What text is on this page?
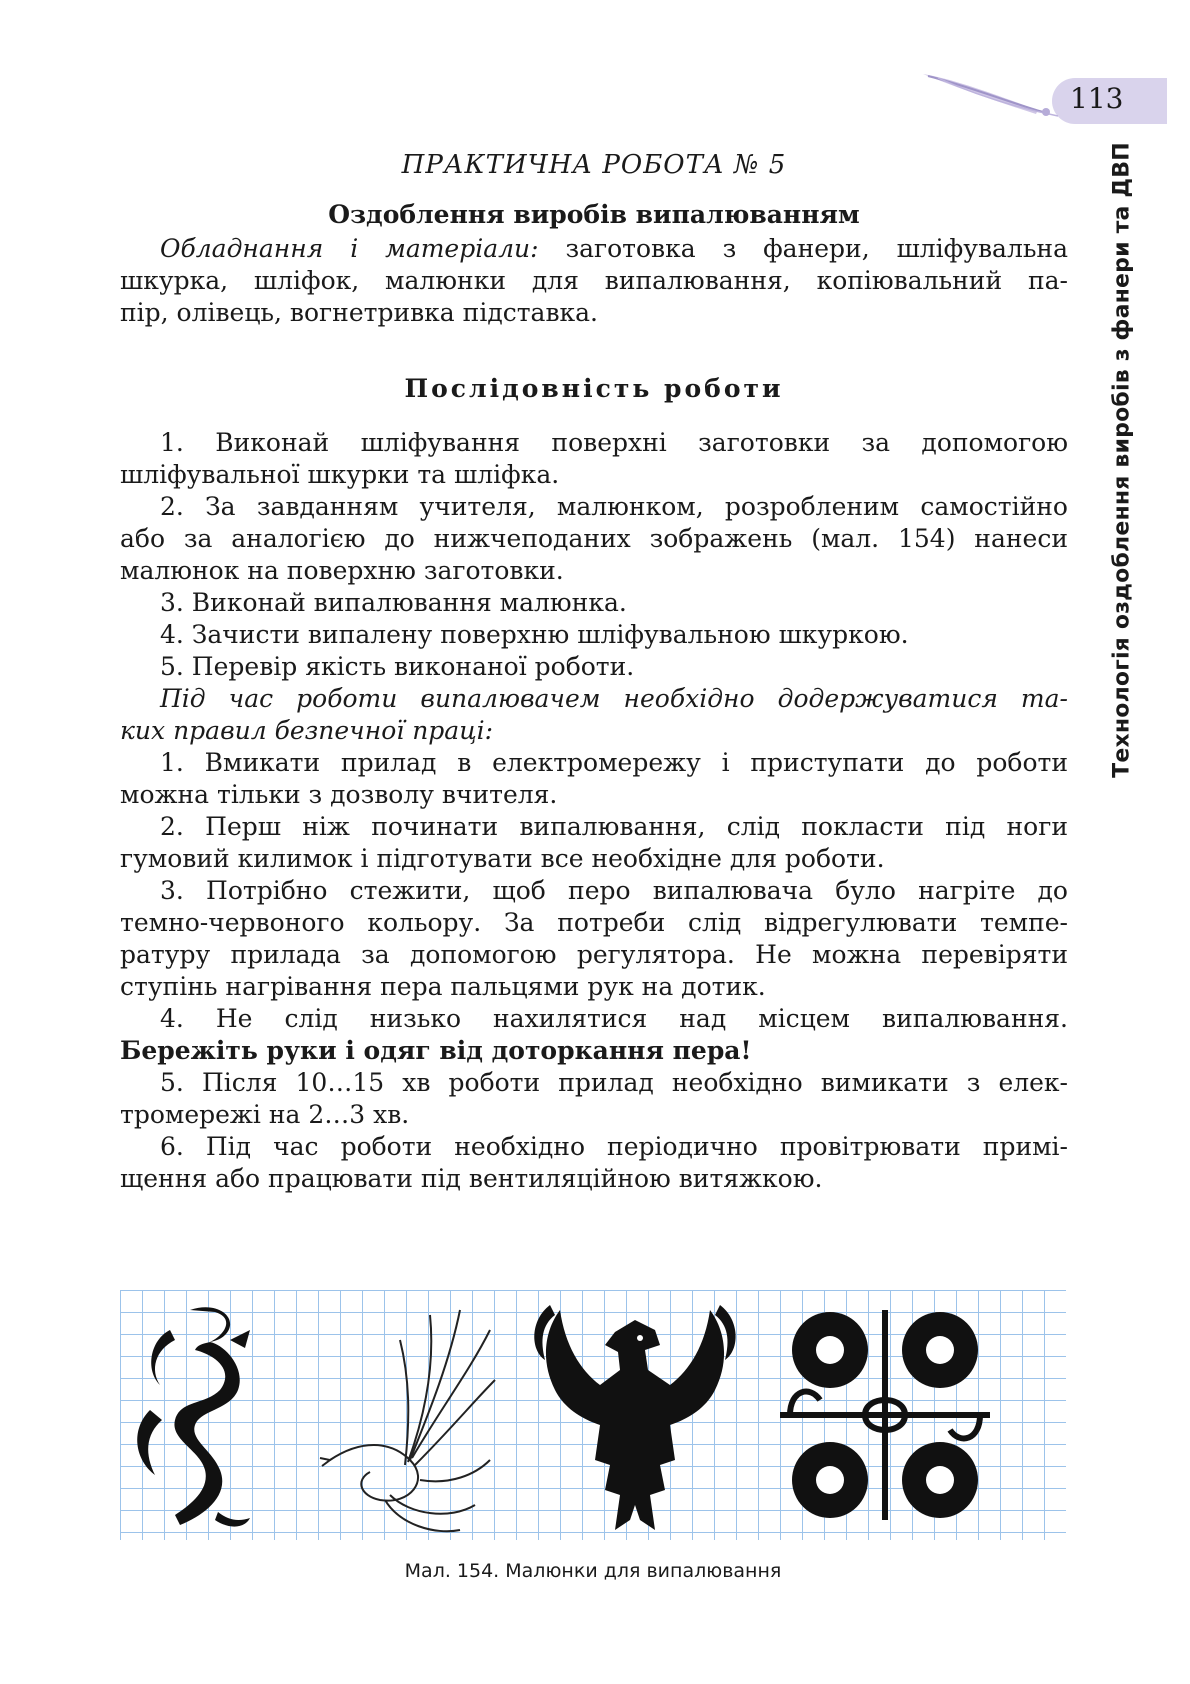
113
Технологія оздоблення виробів з фанери та ДВП
ПРАКТИЧНА РОБОТА № 5
Оздоблення виробів випалюванням
Обладнання і матеріали: заготовка з фанери, шліфувальна
шкурка, шліфок, малюнки для випалювання, копіювальний па-
пір, олівець, вогнетривка підставка.
Послідовність роботи
1. Виконай шліфування поверхні заготовки за допомогою
шліфувальної шкурки та шліфка.
2. За завданням учителя, малюнком, розробленим самостійно
або за аналогією до нижчеподаних зображень (мал. 154) нанеси
малюнок на поверхню заготовки.
3. Виконай випалювання малюнка.
4. Зачисти випалену поверхню шліфувальною шкуркою.
5. Перевір якість виконаної роботи.
Під час роботи випалювачем необхідно додержуватися та-
ких правил безпечної праці:
1. Вмикати прилад в електромережу і приступати до роботи
можна тільки з дозволу вчителя.
2. Перш ніж починати випалювання, слід покласти під ноги
гумовий килимок і підготувати все необхідне для роботи.
3. Потрібно стежити, щоб перо випалювача було нагріте до
темно-червоного кольору. За потреби слід відрегулювати темпе-
ратуру прилада за допомогою регулятора. Не можна перевіряти
ступінь нагрівання пера пальцями рук на дотик.
4. Не слід низько нахилятися над місцем випалювання.
Бережіть руки і одяг від доторкання пера!
5. Після 10…15 хв роботи прилад необхідно вимикати з елек-
тромережі на 2…3 хв.
6. Під час роботи необхідно періодично провітрювати примі-
щення або працювати під вентиляційною витяжкою.
Мал. 154. Малюнки для випалювання
